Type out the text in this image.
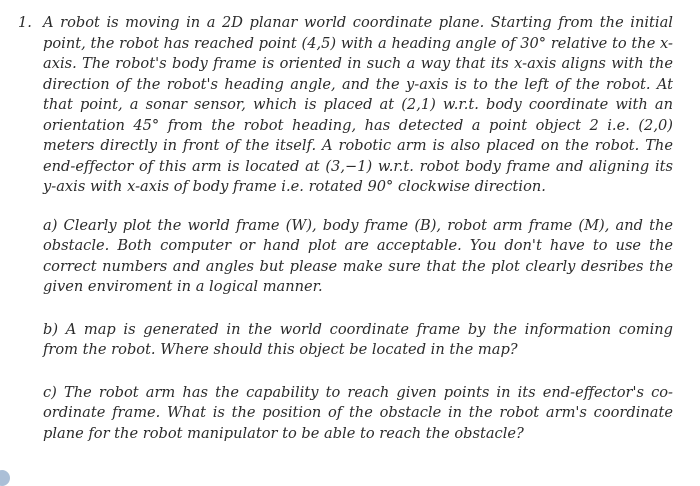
1. A robot is moving in a 2D planar world coordinate plane. Starting from the initial point, the robot has reached point (4,5) with a heading angle of 30° relative to the x-axis. The robot's body frame is oriented in such a way that its x-axis aligns with the direction of the robot's heading angle, and the y-axis is to the left of the robot. At that point, a sonar sensor, which is placed at (2,1) w.r.t. body coordinate with an orientation 45° from the robot heading, has detected a point object 2 i.e. (2,0) meters directly in front of the itself. A robotic arm is also placed on the robot. The end-effector of this arm is located at (3,−1) w.r.t. robot body frame and aligning its y-axis with x-axis of body frame i.e. rotated 90° clockwise direction.

a) Clearly plot the world frame (W), body frame (B), robot arm frame (M), and the obstacle. Both computer or hand plot are acceptable. You don't have to use the correct numbers and angles but please make sure that the plot clearly desribes the given enviroment in a logical manner.

b) A map is generated in the world coordinate frame by the information coming from the robot. Where should this object be located in the map?

c) The robot arm has the capability to reach given points in its end-effector's co-ordinate frame. What is the position of the obstacle in the robot arm's coordinate plane for the robot manipulator to be able to reach the obstacle?
